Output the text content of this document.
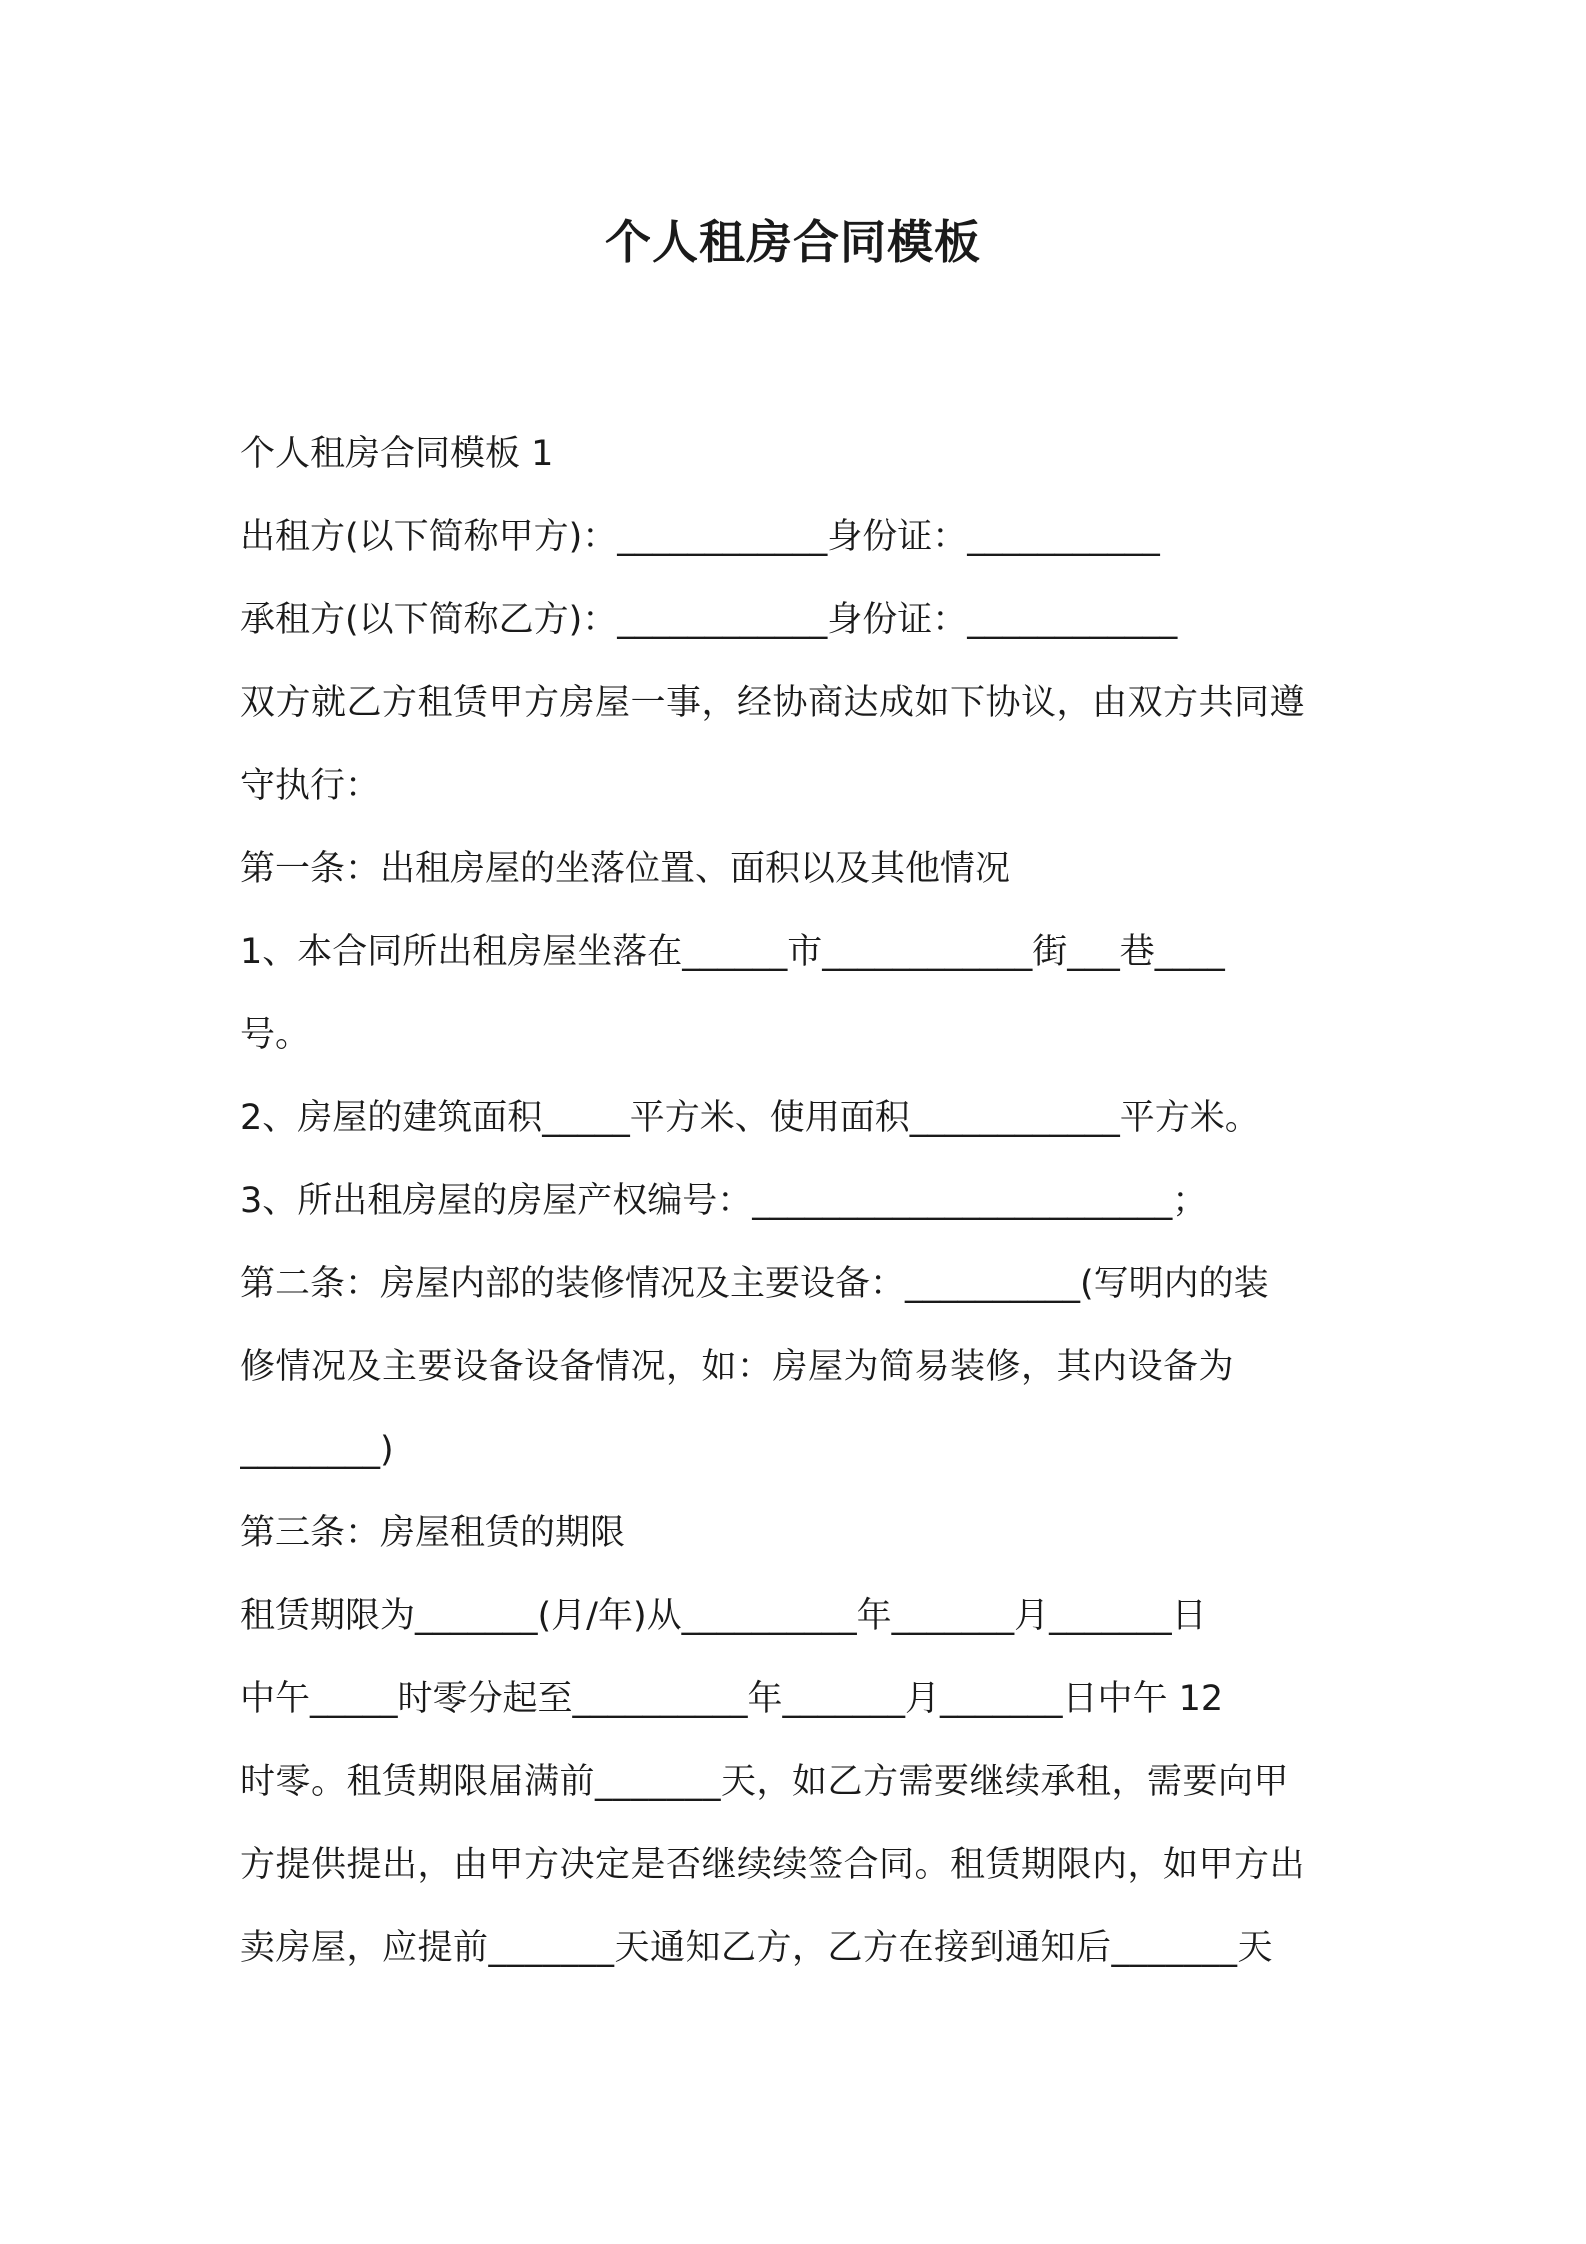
个人租房合同模板
个人租房合同模板 1
出租方(以下简称甲方)：____________身份证：___________
承租方(以下简称乙方)：____________身份证：____________
双方就乙方租赁甲方房屋一事，经协商达成如下协议，由双方共同遵
守执行：
第一条：出租房屋的坐落位置、面积以及其他情况
1、本合同所出租房屋坐落在______市____________街___巷____
号。
2、房屋的建筑面积_____平方米、使用面积____________平方米。
3、所出租房屋的房屋产权编号：________________________；
第二条：房屋内部的装修情况及主要设备：__________(写明内的装
修情况及主要设备设备情况，如：房屋为简易装修，其内设备为
________)
第三条：房屋租赁的期限
租赁期限为_______(月/年)从__________年_______月_______日
中午_____时零分起至__________年_______月_______日中午 12
时零。租赁期限届满前_______天，如乙方需要继续承租，需要向甲
方提供提出，由甲方决定是否继续续签合同。租赁期限内，如甲方出
卖房屋，应提前_______天通知乙方，乙方在接到通知后_______天
